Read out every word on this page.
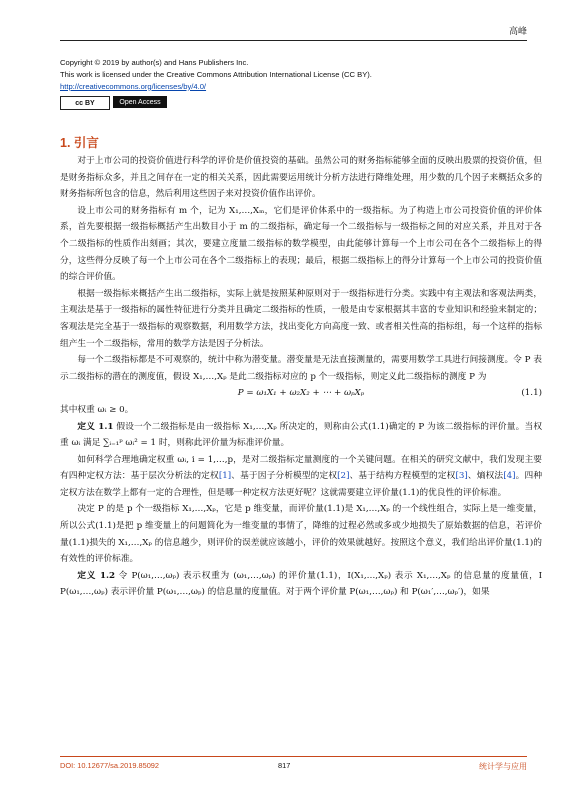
高峰
Copyright © 2019 by author(s) and Hans Publishers Inc.
This work is licensed under the Creative Commons Attribution International License (CC BY).
http://creativecommons.org/licenses/by/4.0/
cc BY	Open Access
1. 引言

对于上市公司的投资价值进行科学的评价是价值投资的基础。虽然公司的财务指标能够全面的反映出股票的投资价值，但是财务指标众多，并且之间存在一定的相关关系，因此需要运用统计分析方法进行降维处理，用少数的几个因子来概括众多的财务指标所包含的信息，然后利用这些因子来对投资价值作出评价。

设上市公司的财务指标有 m 个，记为 X₁,…,Xₘ，它们是评价体系中的一级指标。为了构造上市公司投资价值的评价体系，首先要根据一级指标概括产生出数目小于 m 的二级指标，确定每一个二级指标与一级指标之间的对应关系，并且对于各个二级指标的性质作出刻画；其次，要建立度量二级指标的数学模型，由此能够计算每一个上市公司在各个二级指标上的得分，这些得分反映了每一个上市公司在各个二级指标上的表现；最后，根据二级指标上的得分计算每一个上市公司的投资价值的综合评价值。

根据一级指标来概括产生出二级指标，实际上就是按照某种原则对于一级指标进行分类。实践中有主观法和客观法两类，主观法是基于一级指标的属性特征进行分类并且确定二级指标的性质，一般是由专家根据其丰富的专业知识和经验来制定的；客观法是完全基于一级指标的观察数据，利用数学方法，找出变化方向高度一致、或者相关性高的指标组，每一个这样的指标组产生一个二级指标，常用的数学方法是因子分析法。

每一个二级指标都是不可观察的，统计中称为潜变量。潜变量是无法直接测量的，需要用数学工具进行间接测度。令 P 表示二级指标的潜在的测度值，假设 X₁,…,Xₚ 是此二级指标对应的 p 个一级指标，则定义此二级指标的测度 P 为

P = ω₁X₁ + ω₂X₂ + ⋯ + ωₚXₚ	(1.1)

其中权重 ωᵢ ≥ 0。

定义 1.1 假设一个二级指标是由一级指标 X₁,…,Xₚ 所决定的，则称由公式(1.1)确定的 P 为该二级指标的评价量。当权重 ωᵢ 满足 ∑ᵢ₌₁ᵖ ωᵢ² = 1 时，则称此评价量为标准评价量。

如何科学合理地确定权重 ωᵢ, i = 1,…,p，是对二级指标定量测度的一个关键问题。在相关的研究文献中，我们发现主要有四种定权方法：基于层次分析法的定权[1]、基于因子分析模型的定权[2]、基于结构方程模型的定权[3]、熵权法[4]。四种定权方法在数学上都有一定的合理性，但是哪一种定权方法更好呢？这就需要建立评价量(1.1)的优良性的评价标准。

决定 P 的是 p 个一级指标 X₁,…,Xₚ，它是 p 维变量，而评价量(1.1)是 X₁,…,Xₚ 的一个线性组合，实际上是一维变量，所以公式(1.1)是把 p 维变量上的问题简化为一维变量的事情了，降维的过程必然或多或少地损失了原始数据的信息，若评价量(1.1)损失的 X₁,…,Xₚ 的信息越少，则评价的误差就应该越小，评价的效果就越好。按照这个意义，我们给出评价量(1.1)的有效性的评价标准。

定义 1.2 令 P(ω₁,…,ωₚ) 表示权重为 (ω₁,…,ωₚ) 的评价量(1.1)，I(X₁,…,Xₚ) 表示 X₁,…,Xₚ 的信息量的度量值，I P(ω₁,…,ωₚ) 表示评价量 P(ω₁,…,ωₚ) 的信息量的度量值。对于两个评价量 P(ω₁,…,ωₚ) 和 P(ω₁′,…,ωₚ′)，如果

DOI: 10.12677/sa.2019.85092	817	统计学与应用
